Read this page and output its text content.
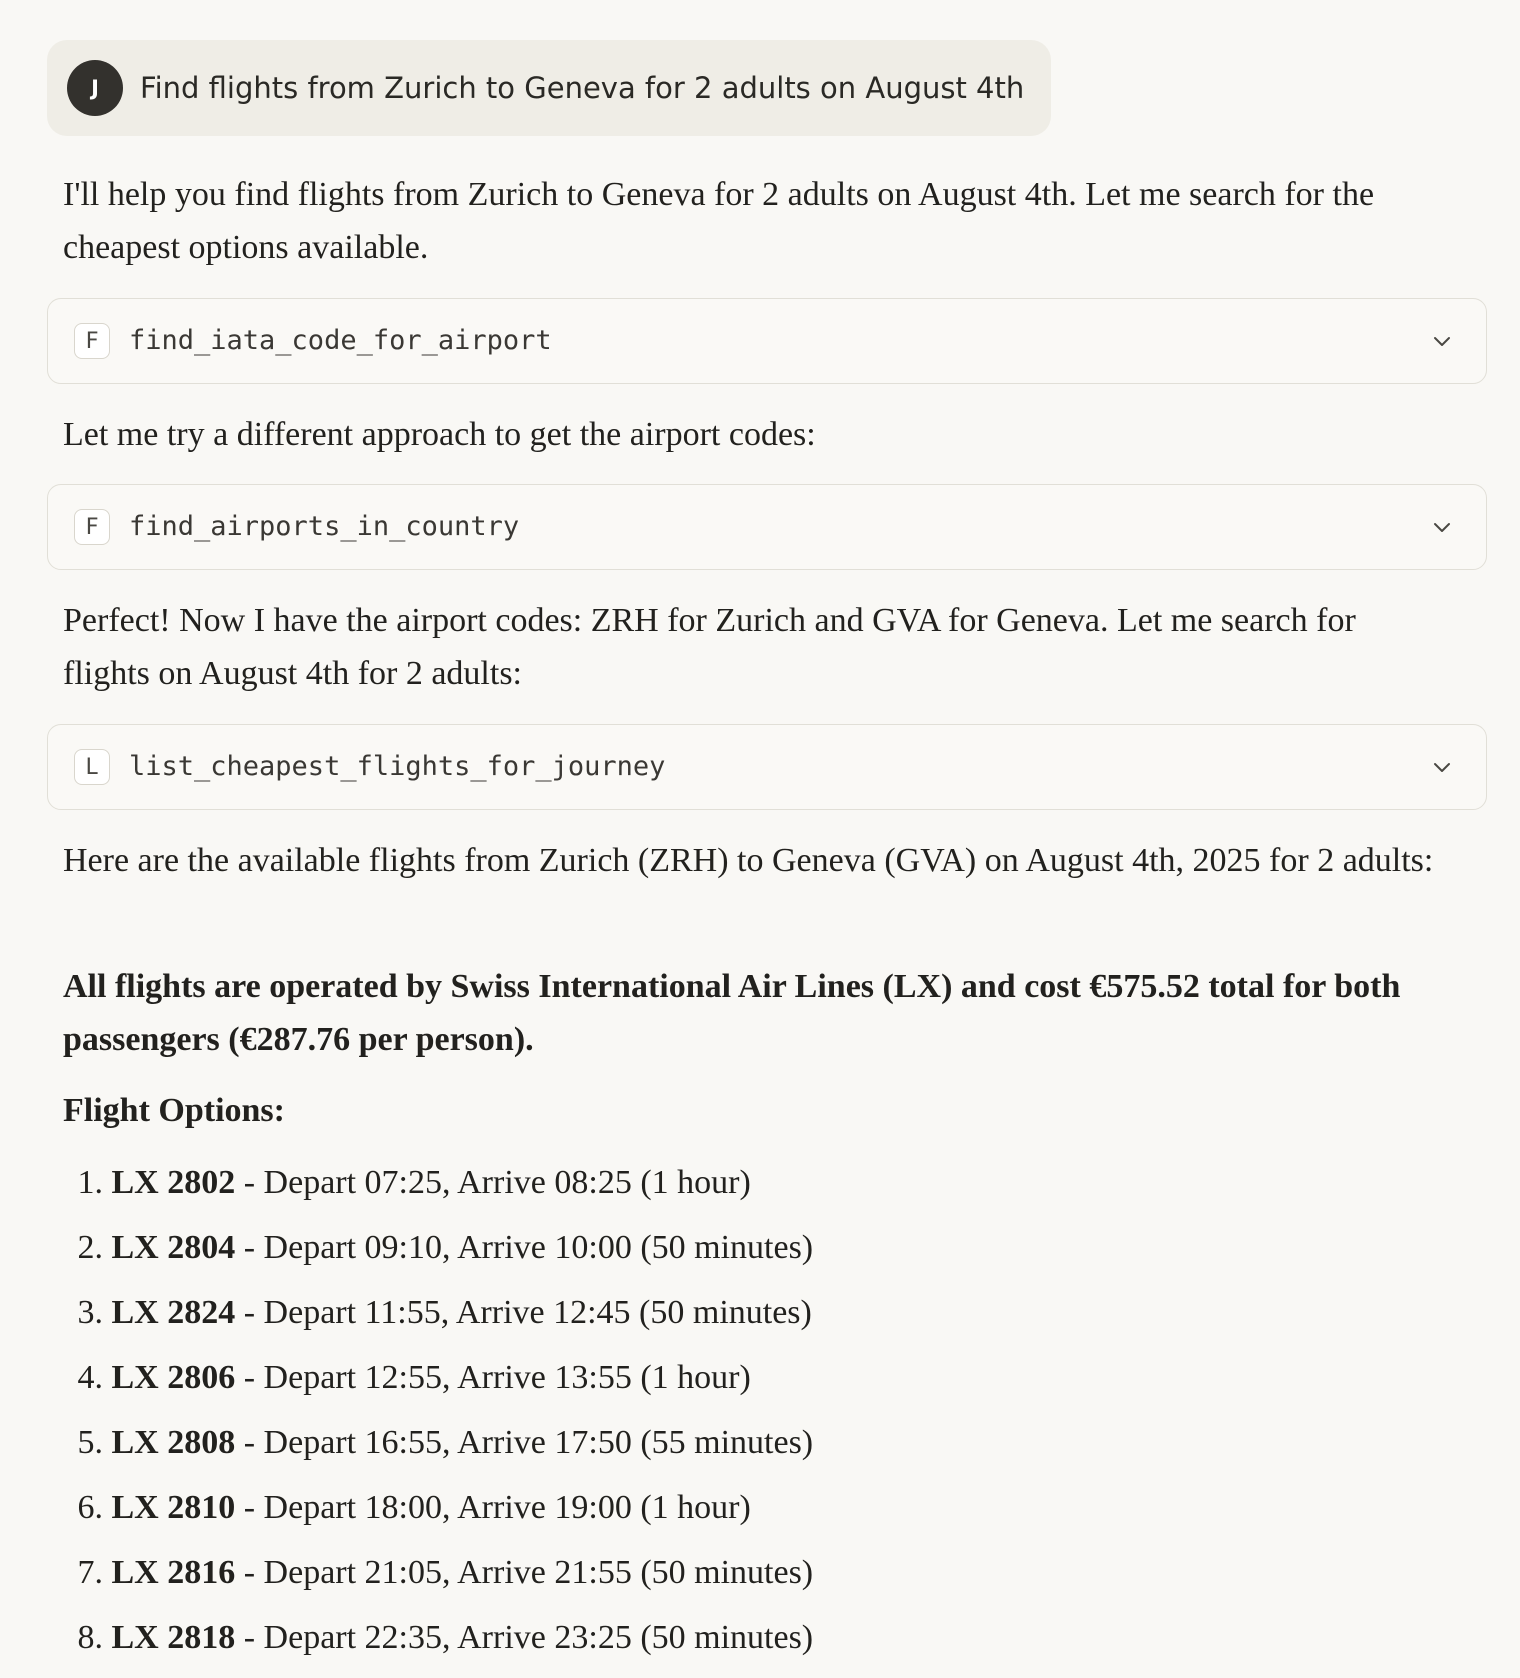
J	Find flights from Zurich to Geneva for 2 adults on August 4th

I'll help you find flights from Zurich to Geneva for 2 adults on August 4th. Let me search for the cheapest options available.

F	find_iata_code_for_airport

Let me try a different approach to get the airport codes:

F	find_airports_in_country

Perfect! Now I have the airport codes: ZRH for Zurich and GVA for Geneva. Let me search for flights on August 4th for 2 adults:

L	list_cheapest_flights_for_journey

Here are the available flights from Zurich (ZRH) to Geneva (GVA) on August 4th, 2025 for 2 adults:

All flights are operated by Swiss International Air Lines (LX) and cost €575.52 total for both passengers (€287.76 per person).

Flight Options:

1. LX 2802 - Depart 07:25, Arrive 08:25 (1 hour)
2. LX 2804 - Depart 09:10, Arrive 10:00 (50 minutes)
3. LX 2824 - Depart 11:55, Arrive 12:45 (50 minutes)
4. LX 2806 - Depart 12:55, Arrive 13:55 (1 hour)
5. LX 2808 - Depart 16:55, Arrive 17:50 (55 minutes)
6. LX 2810 - Depart 18:00, Arrive 19:00 (1 hour)
7. LX 2816 - Depart 21:05, Arrive 21:55 (50 minutes)
8. LX 2818 - Depart 22:35, Arrive 23:25 (50 minutes)
